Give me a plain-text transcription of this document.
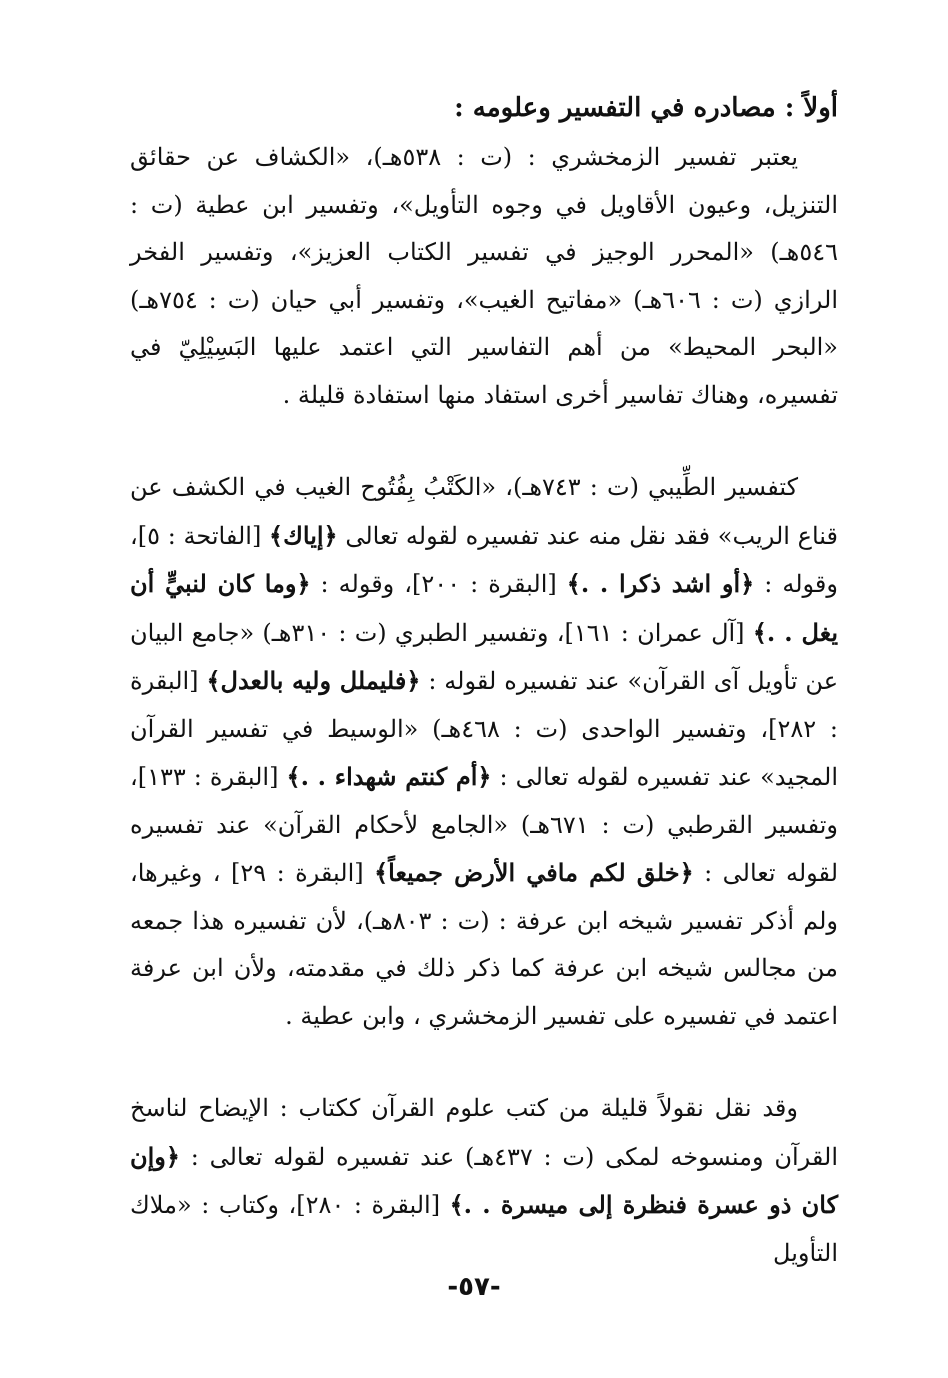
أولاً : مصادره في التفسير وعلومه :

يعتبر تفسير الزمخشري : (ت : ٥٣٨هـ)، «الكشاف عن حقائق التنزيل، وعيون الأقاويل في وجوه التأويل»، وتفسير ابن عطية (ت : ٥٤٦هـ) «المحرر الوجيز في تفسير الكتاب العزيز»، وتفسير الفخر الرازي (ت : ٦٠٦هـ) «مفاتيح الغيب»، وتفسير أبي حيان (ت : ٧٥٤هـ) «البحر المحيط» من أهم التفاسير التي اعتمد عليها البَسِيْلِيّ في تفسيره، وهناك تفاسير أخرى استفاد منها استفادة قليلة .

كتفسير الطِّيبي (ت : ٧٤٣هـ)، «الكَتْبُ بِفُتُوح الغيب في الكشف عن قناع الريب» فقد نقل منه عند تفسيره لقوله تعالى ﴿إياك﴾ [الفاتحة : ٥]، وقوله : ﴿أو اشد ذكرا . .﴾ [البقرة : ٢٠٠]، وقوله : ﴿وما كان لنبيٍّ أن يغل . .﴾ [آل عمران : ١٦١]، وتفسير الطبري (ت : ٣١٠هـ) «جامع البيان عن تأويل آى القرآن» عند تفسيره لقوله : ﴿فليملل وليه بالعدل﴾ [البقرة : ٢٨٢]، وتفسير الواحدى (ت : ٤٦٨هـ) «الوسيط في تفسير القرآن المجيد» عند تفسيره لقوله تعالى : ﴿أم كنتم شهداء . .﴾ [البقرة : ١٣٣]، وتفسير القرطبي (ت : ٦٧١هـ) «الجامع لأحكام القرآن» عند تفسيره لقوله تعالى : ﴿خلق لكم مافي الأرض جميعاً﴾ [البقرة : ٢٩] ، وغيرها، ولم أذكر تفسير شيخه ابن عرفة : (ت : ٨٠٣هـ)، لأن تفسيره هذا جمعه من مجالس شيخه ابن عرفة كما ذكر ذلك في مقدمته، ولأن ابن عرفة اعتمد في تفسيره على تفسير الزمخشري ، وابن عطية .

وقد نقل نقولاً قليلة من كتب علوم القرآن ككتاب : الإيضاح لناسخ القرآن ومنسوخه لمكى (ت : ٤٣٧هـ) عند تفسيره لقوله تعالى : ﴿وإن كان ذو عسرة فنظرة إلى ميسرة . .﴾ [البقرة : ٢٨٠]، وكتاب : «ملاك التأويل

-٥٧-
